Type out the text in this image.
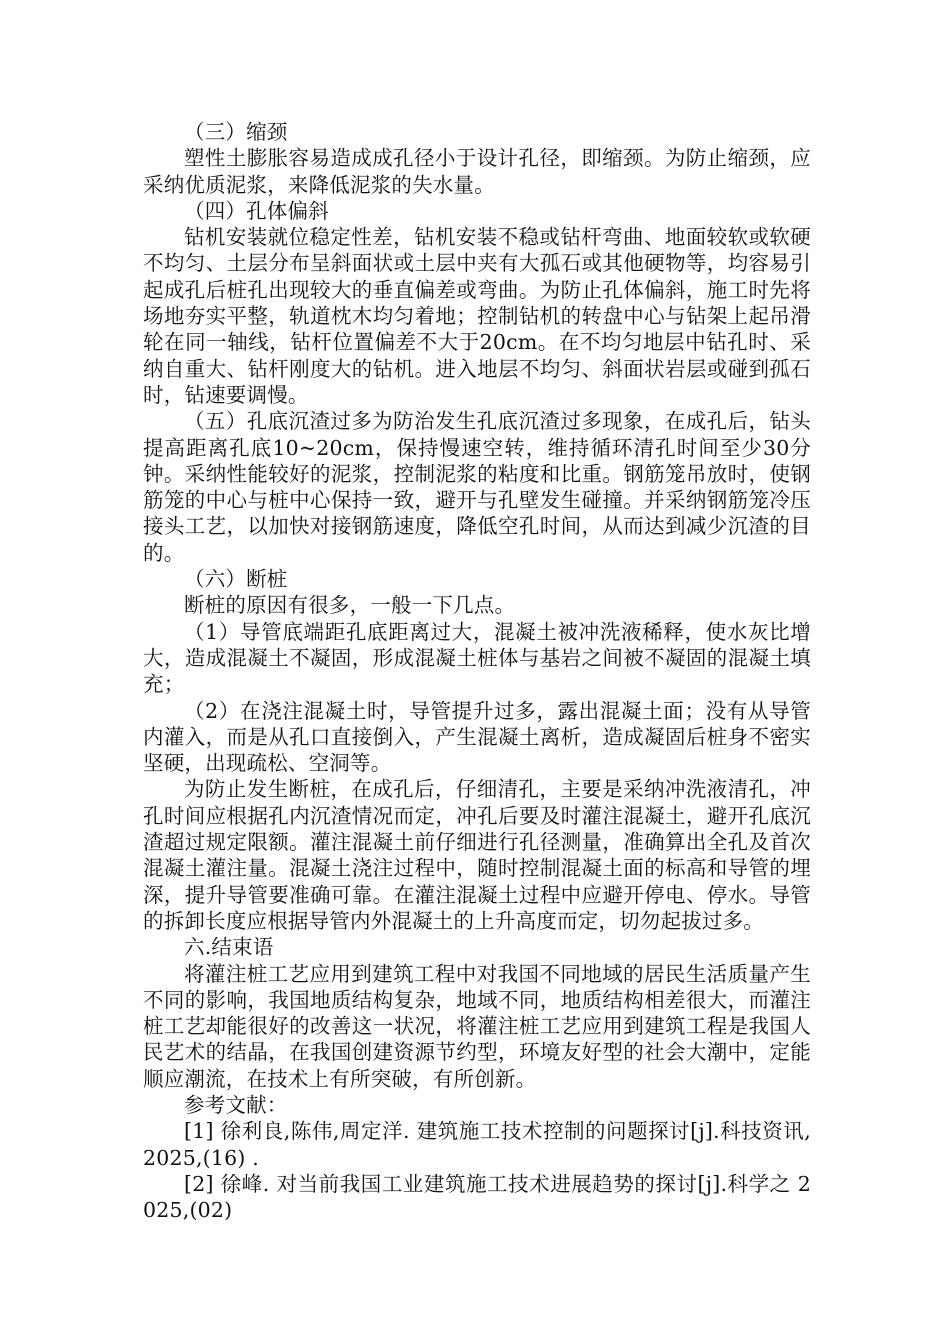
（三）缩颈

塑性土膨胀容易造成成孔径小于设计孔径，即缩颈。为防止缩颈，应采纳优质泥浆，来降低泥浆的失水量。

（四）孔体偏斜

钻机安装就位稳定性差，钻机安装不稳或钻杆弯曲、地面较软或软硬不均匀、土层分布呈斜面状或土层中夹有大孤石或其他硬物等，均容易引起成孔后桩孔出现较大的垂直偏差或弯曲。为防止孔体偏斜，施工时先将场地夯实平整，轨道枕木均匀着地；控制钻机的转盘中心与钻架上起吊滑轮在同一轴线，钻杆位置偏差不大于20cm。在不均匀地层中钻孔时、采纳自重大、钻杆刚度大的钻机。进入地层不均匀、斜面状岩层或碰到孤石时，钻速要调慢。

（五）孔底沉渣过多为防治发生孔底沉渣过多现象，在成孔后，钻头提高距离孔底10~20cm，保持慢速空转，维持循环清孔时间至少30分钟。采纳性能较好的泥浆，控制泥浆的粘度和比重。钢筋笼吊放时，使钢筋笼的中心与桩中心保持一致，避开与孔壁发生碰撞。并采纳钢筋笼冷压接头工艺，以加快对接钢筋速度，降低空孔时间，从而达到减少沉渣的目的。

（六）断桩

断桩的原因有很多，一般一下几点。

（1）导管底端距孔底距离过大，混凝土被冲洗液稀释，使水灰比增大，造成混凝土不凝固，形成混凝土桩体与基岩之间被不凝固的混凝土填充；

（2）在浇注混凝土时，导管提升过多，露出混凝土面；没有从导管内灌入，而是从孔口直接倒入，产生混凝土离析，造成凝固后桩身不密实坚硬，出现疏松、空洞等。

为防止发生断桩，在成孔后，仔细清孔，主要是采纳冲洗液清孔，冲孔时间应根据孔内沉渣情况而定，冲孔后要及时灌注混凝土，避开孔底沉渣超过规定限额。灌注混凝土前仔细进行孔径测量，准确算出全孔及首次混凝土灌注量。混凝土浇注过程中，随时控制混凝土面的标高和导管的埋深，提升导管要准确可靠。在灌注混凝土过程中应避开停电、停水。导管的拆卸长度应根据导管内外混凝土的上升高度而定，切勿起拔过多。

六.结束语

将灌注桩工艺应用到建筑工程中对我国不同地域的居民生活质量产生不同的影响，我国地质结构复杂，地域不同，地质结构相差很大，而灌注桩工艺却能很好的改善这一状况，将灌注桩工艺应用到建筑工程是我国人民艺术的结晶，在我国创建资源节约型，环境友好型的社会大潮中，定能顺应潮流，在技术上有所突破，有所创新。

参考文献：

[1] 徐利良,陈伟,周定洋. 建筑施工技术控制的问题探讨[j].科技资讯, 2025,(16) .

[2] 徐峰. 对当前我国工业建筑施工技术进展趋势的探讨[j].科学之 2025,(02)
